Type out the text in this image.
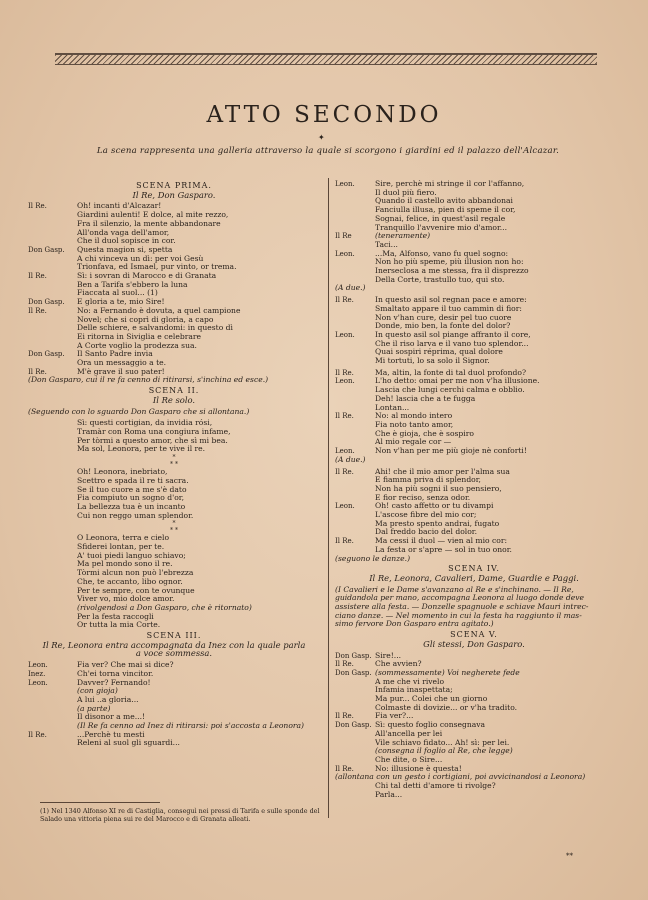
ATTO SECONDO
✦
La scena rappresenta una galleria attraverso la quale si scorgono i giardini ed il palazzo dell'Alcazar.
SCENA PRIMA.
Il Re, Don Gasparo.
Il Re.	Oh! incanti d'Alcazar!

Giardini aulenti! E dolce, al mite rezzo,

Fra il silenzio, la mente abbandonare

All'onda vaga dell'amor,

Che il duol sopisce in cor.
Don Gasp.	Questa magion si, spetta

A chi vinceva un dì: per voi Gesù

Trionfava, ed Ismael, pur vinto, or trema.
Il Re.	Sì: i sovran di Marocco e di Granata

Ben a Tarifa s'ebbero la luna

Fiaccata al suol... (1)
Don Gasp.	È gloria a te, mio Sire!
Il Re.	No: a Fernando è dovuta, a quel campione

Novel; che si coprì di gloria, a capo

Delle schiere, e salvandomi: in questo dì

Ei ritorna in Siviglia e celebrare

A Corte voglio la prodezza sua.
Don Gasp.	Il Santo Padre invia

Ora un messaggio a te.
Il Re.	M'è grave il suo pater!
(Don Gasparo, cui il re fa cenno di ritirarsi, s'inchina ed esce.)
SCENA II.
Il Re solo.
(Seguendo con lo sguardo Don Gasparo che si allontana.)

Sì: questi cortigian, da invidia rósi,

Tramàr con Roma una congiura infame,

Per tòrmi a questo amor, che sì mi bea.

Ma sol, Leonora, per te vive il re.
*
* *

Oh! Leonora, inebriato,

Scettro e spada il re ti sacra.

Se il tuo cuore a me s'è dato

Fia compiuto un sogno d'or,

La bellezza tua è un incanto

Cui non reggo uman splendor.
*
* *

O Leonora, terra e cielo

Sfiderei lontan, per te.

A' tuoi piedi languo schiavo;

Ma pel mondo sono il re.

Tòrmi alcun non può l'ebrezza

Che, te accanto, libo ognor.

Per te sempre, con te ovunque

Viver vo, mio dolce amor.

(rivolgendosi a Don Gasparo, che è ritornato)

Per la festa raccogli

Or tutta la mia Corte.
SCENA III.
Il Re, Leonora entra accompagnata da Inez con la quale parla
a voce sommessa.
Leon.	Fia ver? Che mai si dice?
Inez.	Ch'ei torna vincitor.
Leon.	Davver? Fernando!

(con gioja)

A lui ..a gloria...

(a parte)

Il disonor a me...!

(Il Re fa cenno ad Inez di ritirarsi: poi s'accosta a Leonora)
Il Re.	...Perchè tu mesti

Releni al suol gli sguardi...
Leon.	Sire, perchè mi stringe il cor l'affanno,

Il duol più fiero.

Quando il castello avito abbandonai

Fanciulla illusa, pien di speme il cor,

Sognai, felice, in quest'asil regale

Tranquillo l'avvenire mio d'amor...
Il Re	(teneramente)

Taci...
Leon.	...Ma, Alfonso, vano fu quel sogno:

Non ho più speme, più illusion non ho:

Inerseclosa a me stessa, fra il disprezzo

Della Corte, trastullo tuo, qui sto.
(A due.)
Il Re.	In questo asil sol regnan pace e amore:

Smaltato appare il tuo cammin di fior:

Non v'han cure, desir pel tuo cuore

Donde, mio ben, la fonte del dolor?
Leon.	In questo asil sol piange affranto il core,

Che il riso larva e il vano tuo splendor...

Quai sospiri réprima, qual dolore

Mi tortuti, lo sa solo il Signor.
Il Re.	Ma, altin, la fonte di tal duol profondo?
Leon.	L'ho detto: omai per me non v'ha illusione.

Lascia che lungi cerchi calma e obblio.

Deh! lascia che a te fugga

Lontan...
Il Re.	No: al mondo intero

Fia noto tanto amor,

Che è gioja, che è sospiro

Al mio regale cor —
Leon.	Non v'han per me più gioje nè conforti!
(A due.)
Il Re.	Ahi! che il mio amor per l'alma sua

È fiamma priva di splendor,

Non ha più sogni il suo pensiero,

E fior reciso, senza odor.
Leon.	Oh! casto affetto or tu divampi

L'ascose fibre del mio cor;

Ma presto spento andrai, fugato

Dal freddo bacio del dolor.
Il Re.	Ma cessi il duol — vien al mio cor:

La festa or s'apre — sol in tuo onor.
(seguono le danze.)
SCENA IV.
Il Re, Leonora, Cavalieri, Dame, Guardie e Paggi.
(I Cavalieri e le Dame s'avanzano al Re e s'inchinano. — Il Re,
guidandola per mano, accompagna Leonora al luogo donde deve
assistere alla festa. — Donzelle spagnuole e schiave Mauri intrec-
ciano danze. — Nel momento in cui la festa ha raggiunto il mas-
simo fervore Don Gasparo entra agitato.)
SCENA V.
Gli stessi, Don Gasparo.
Don Gasp. Sire!...
Il Re.	Che avvien?
Don Gasp. (sommessamente) Voi negherete fede

A me che vi rivelo

Infamia inaspettata;

Ma pur... Colei che un giorno

Colmaste di dovizie... or v'ha tradito.
Il Re.	Fia ver?...
Don Gasp. Sì: questo foglio consegnava

All'ancella per lei

Vile schiavo fidato... Ah! sì: per lei.

(consegna il foglio al Re, che legge)

Che dite, o Sire...
Il Re.	No: illusione è questa!
(allontana con un gesto i cortigiani, poi avvicinandosi a Leonora)

Chi tal detti d'amore ti rivolge?

Parla...
(1) Nel 1340 Alfonso XI re di Castiglia, conseguì nei pressi di Tarifa e sulle sponde del Salado una vittoria piena sui re del Marocco e di Granata alleati.
**
